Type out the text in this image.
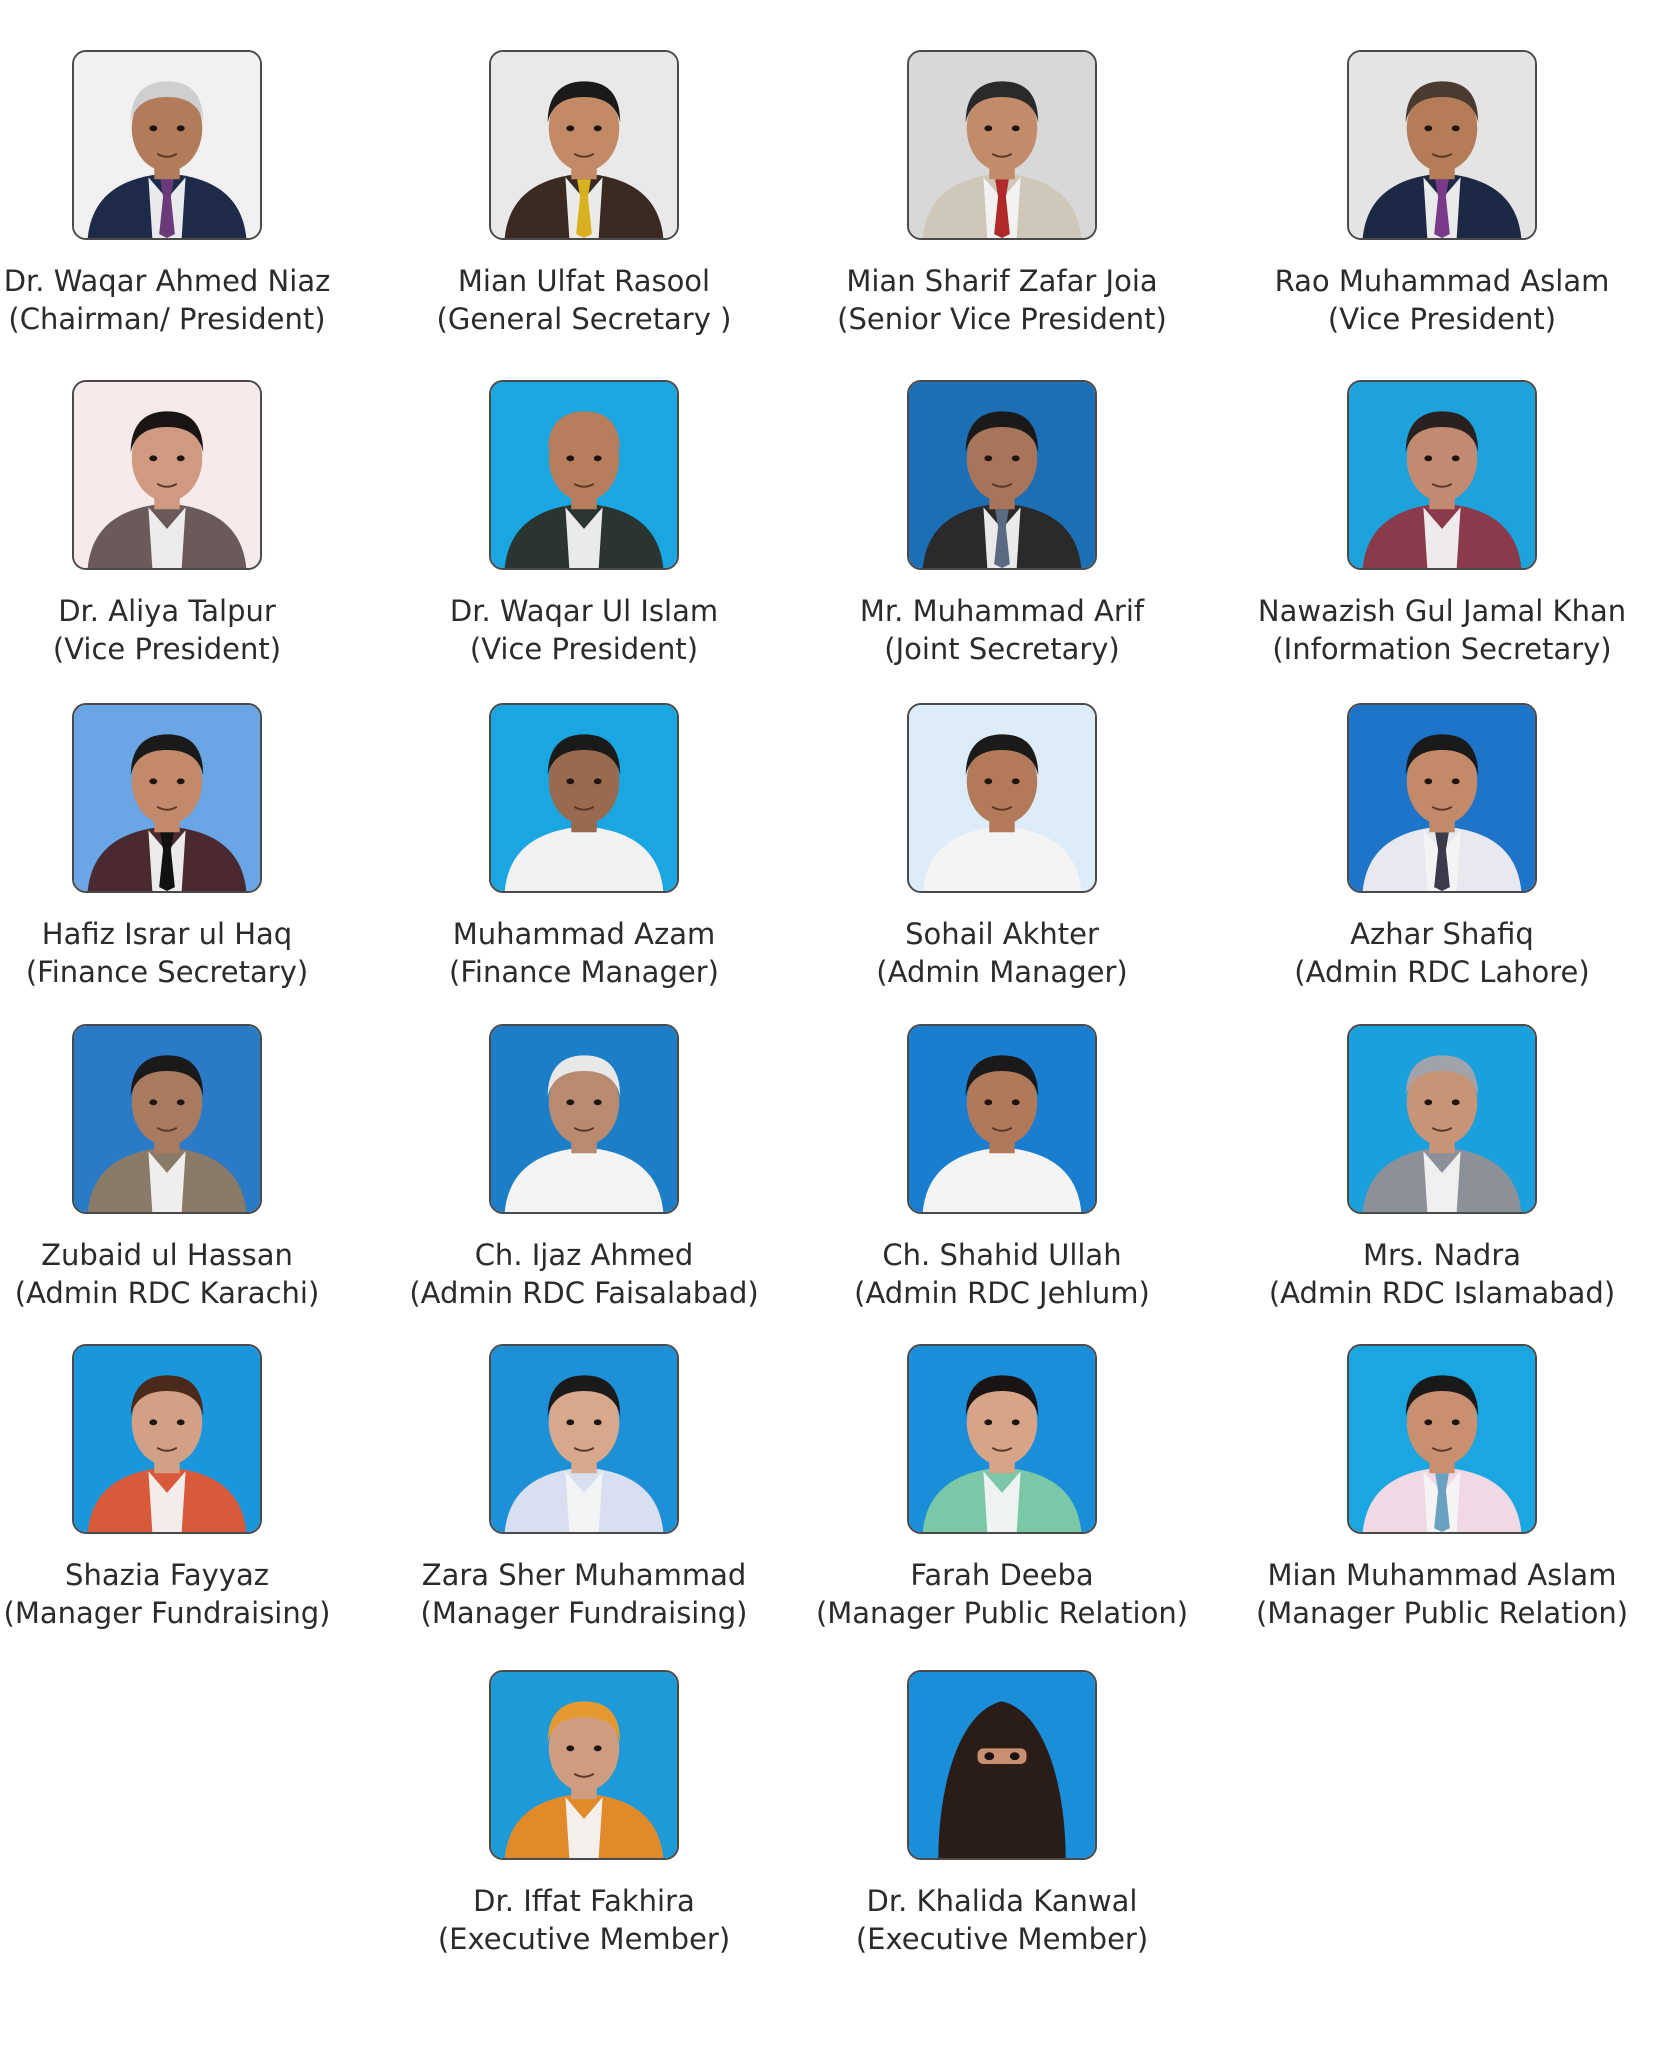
Dr. Waqar Ahmed Niaz
(Chairman/ President)
Mian Ulfat Rasool
(General Secretary )
Mian Sharif Zafar Joia
(Senior Vice President)
Rao Muhammad Aslam
(Vice President)
Dr. Aliya Talpur
(Vice President)
Dr. Waqar Ul Islam
(Vice President)
Mr. Muhammad Arif
(Joint Secretary)
Nawazish Gul Jamal Khan
(Information Secretary)
Hafiz Israr ul Haq
(Finance Secretary)
Muhammad Azam
(Finance Manager)
Sohail Akhter
(Admin Manager)
Azhar Shafiq
(Admin RDC Lahore)
Zubaid ul Hassan
(Admin RDC Karachi)
Ch. Ijaz Ahmed
(Admin RDC Faisalabad)
Ch. Shahid Ullah
(Admin RDC Jehlum)
Mrs. Nadra
(Admin RDC Islamabad)
Shazia Fayyaz
(Manager Fundraising)
Zara Sher Muhammad
(Manager Fundraising)
Farah Deeba
(Manager Public Relation)
Mian Muhammad Aslam
(Manager Public Relation)
Dr. Iffat Fakhira
(Executive Member)
Dr. Khalida Kanwal
(Executive Member)
